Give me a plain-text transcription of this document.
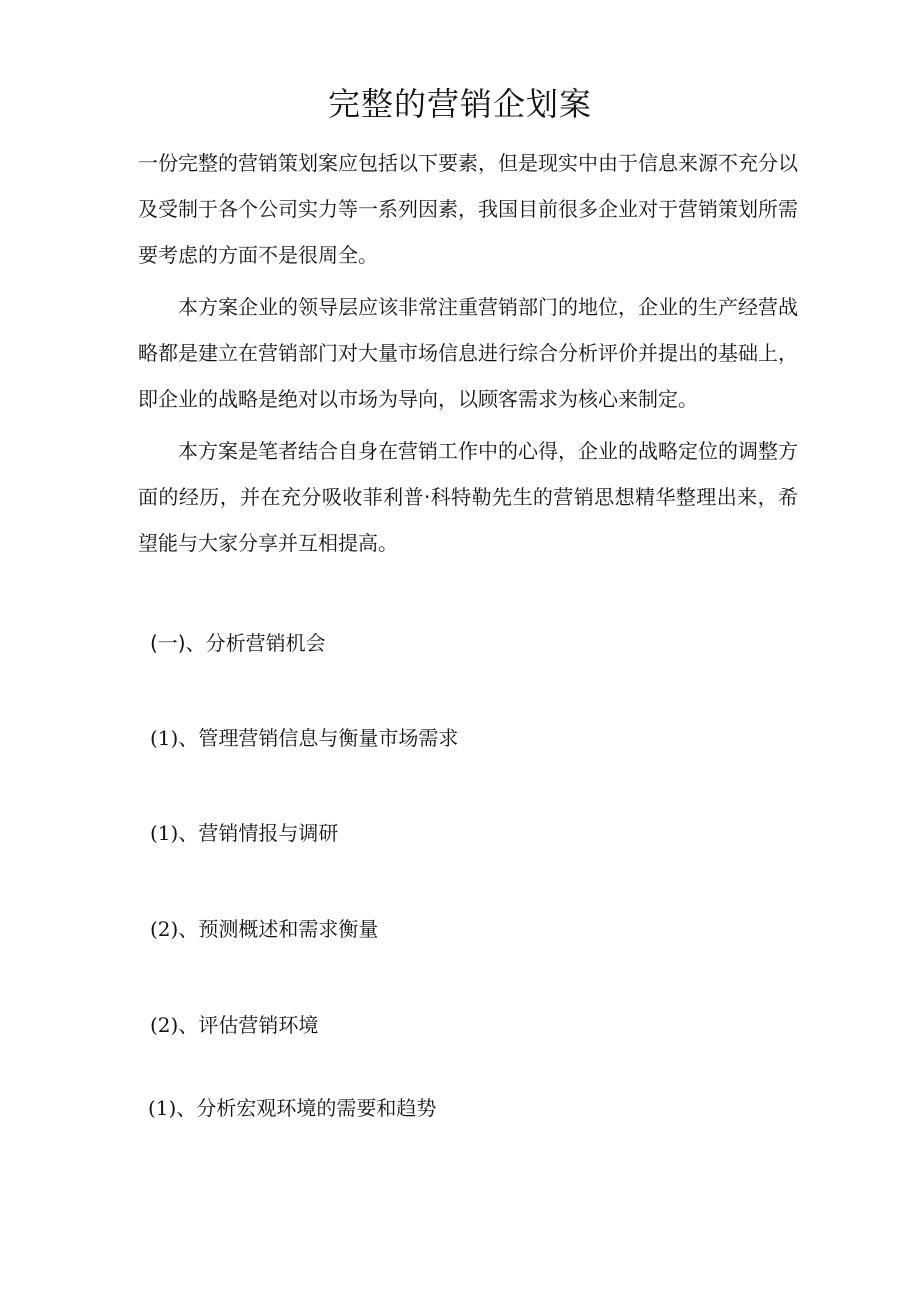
完整的营销企划案

一份完整的营销策划案应包括以下要素，但是现实中由于信息来源不充分以及受制于各个公司实力等一系列因素，我国目前很多企业对于营销策划所需要考虑的方面不是很周全。

本方案企业的领导层应该非常注重营销部门的地位，企业的生产经营战略都是建立在营销部门对大量市场信息进行综合分析评价并提出的基础上，即企业的战略是绝对以市场为导向，以顾客需求为核心来制定。

本方案是笔者结合自身在营销工作中的心得，企业的战略定位的调整方面的经历，并在充分吸收菲利普·科特勒先生的营销思想精华整理出来，希望能与大家分享并互相提高。

(一)、分析营销机会
(1)、管理营销信息与衡量市场需求
(1)、营销情报与调研
(2)、预测概述和需求衡量
(2)、评估营销环境
(1)、分析宏观环境的需要和趋势
